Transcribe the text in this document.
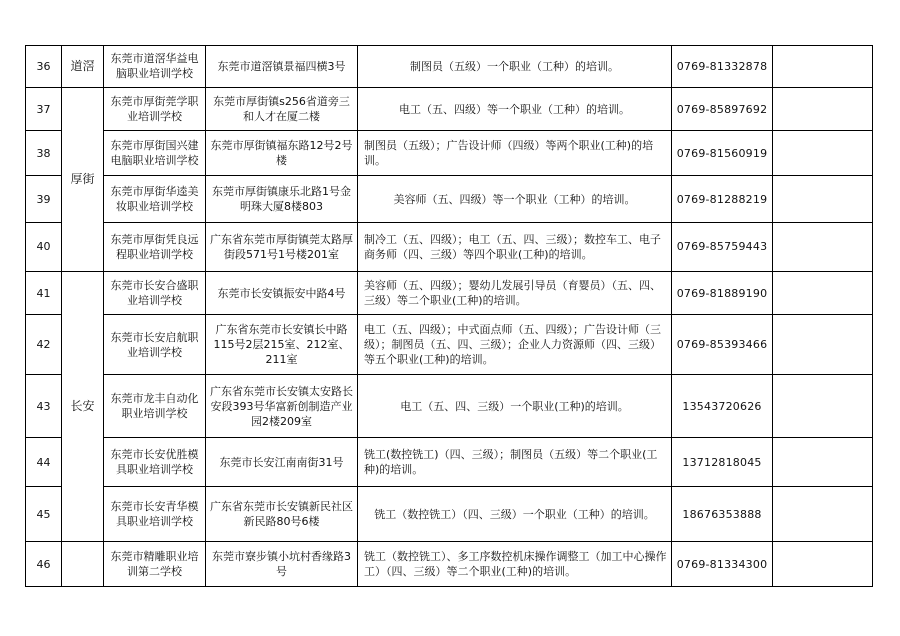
36	道滘	东莞市道滘华益电脑职业培训学校	东莞市道滘镇景福四横3号	制图员（五级）一个职业（工种）的培训。	0769-81332878	
37	厚街	东莞市厚街莞学职业培训学校	东莞市厚街镇s256省道旁三和人才在厦二楼	电工（五、四级）等一个职业（工种）的培训。	0769-85897692	
38		东莞市厚街国兴建电脑职业培训学校	东莞市厚街镇福东路12号2号楼	制图员（五级）；广告设计师（四级）等两个职业(工种)的培训。	0769-81560919	
39		东莞市厚街华逵美妆职业培训学校	东莞市厚街镇康乐北路1号金明珠大厦8楼803	美容师（五、四级）等一个职业（工种）的培训。	0769-81288219	
40		东莞市厚街凭良远程职业培训学校	广东省东莞市厚街镇莞太路厚街段571号1号楼201室	制冷工（五、四级）；电工（五、四、三级）；数控车工、电子商务师（四、三级）等四个职业(工种)的培训。	0769-85759443	
41	长安	东莞市长安合盛职业培训学校	东莞市长安镇振安中路4号	美容师（五、四级）；婴幼儿发展引导员（育婴员）（五、四、三级）等二个职业(工种)的培训。	0769-81889190	
42		东莞市长安启航职业培训学校	广东省东莞市长安镇长中路115号2层215室、212室、211室	电工（五、四级）；中式面点师（五、四级）；广告设计师（三级）；制图员（五、四、三级）；企业人力资源师（四、三级）等五个职业(工种)的培训。	0769-85393466	
43		东莞市龙丰自动化职业培训学校	广东省东莞市长安镇太安路长安段393号华富新创制造产业园2楼209室	电工（五、四、三级）一个职业(工种)的培训。	13543720626	
44		东莞市长安优胜模具职业培训学校	东莞市长安江南南街31号	铣工(数控铣工)（四、三级）；制图员（五级）等二个职业(工种)的培训。	13712818045	
45		东莞市长安青华模具职业培训学校	广东省东莞市长安镇新民社区新民路80号6楼	铣工（数控铣工）（四、三级）一个职业（工种）的培训。	18676353888	
46		东莞市精雕职业培训第二学校	东莞市寮步镇小坑村香缘路3号	铣工（数控铣工）、多工序数控机床操作调整工（加工中心操作工）（四、三级）等二个职业(工种)的培训。	0769-81334300	
